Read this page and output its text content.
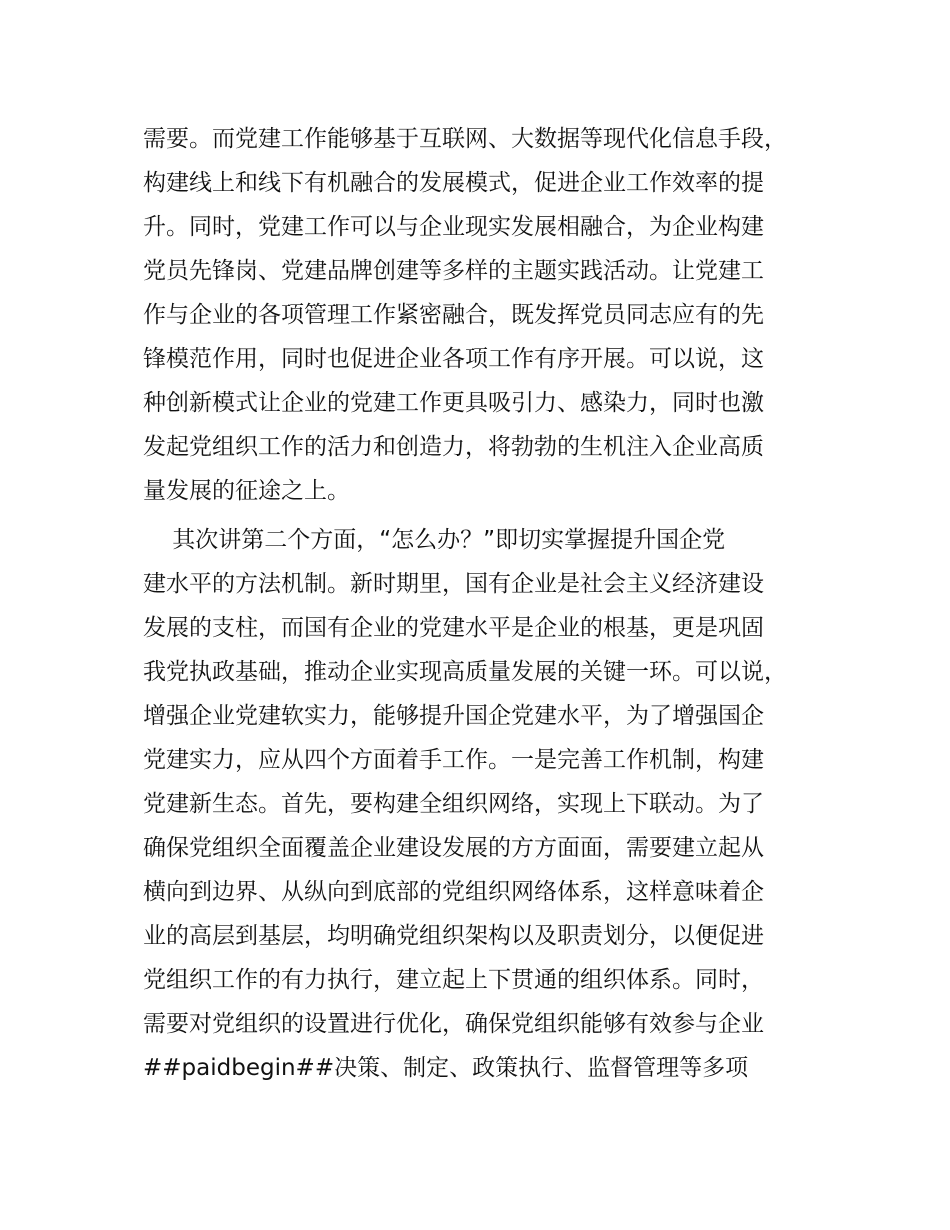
需要。而党建工作能够基于互联网、大数据等现代化信息手段，
构建线上和线下有机融合的发展模式，促进企业工作效率的提
升。同时，党建工作可以与企业现实发展相融合，为企业构建
党员先锋岗、党建品牌创建等多样的主题实践活动。让党建工
作与企业的各项管理工作紧密融合，既发挥党员同志应有的先
锋模范作用，同时也促进企业各项工作有序开展。可以说，这
种创新模式让企业的党建工作更具吸引力、感染力，同时也激
发起党组织工作的活力和创造力，将勃勃的生机注入企业高质
量发展的征途之上。
其次讲第二个方面，“怎么办？”即切实掌握提升国企党
建水平的方法机制。新时期里，国有企业是社会主义经济建设
发展的支柱，而国有企业的党建水平是企业的根基，更是巩固
我党执政基础，推动企业实现高质量发展的关键一环。可以说，
增强企业党建软实力，能够提升国企党建水平，为了增强国企
党建实力，应从四个方面着手工作。一是完善工作机制，构建
党建新生态。首先，要构建全组织网络，实现上下联动。为了
确保党组织全面覆盖企业建设发展的方方面面，需要建立起从
横向到边界、从纵向到底部的党组织网络体系，这样意味着企
业的高层到基层，均明确党组织架构以及职责划分，以便促进
党组织工作的有力执行，建立起上下贯通的组织体系。同时，
需要对党组织的设置进行优化，确保党组织能够有效参与企业
##paidbegin##决策、制定、政策执行、监督管理等多项
